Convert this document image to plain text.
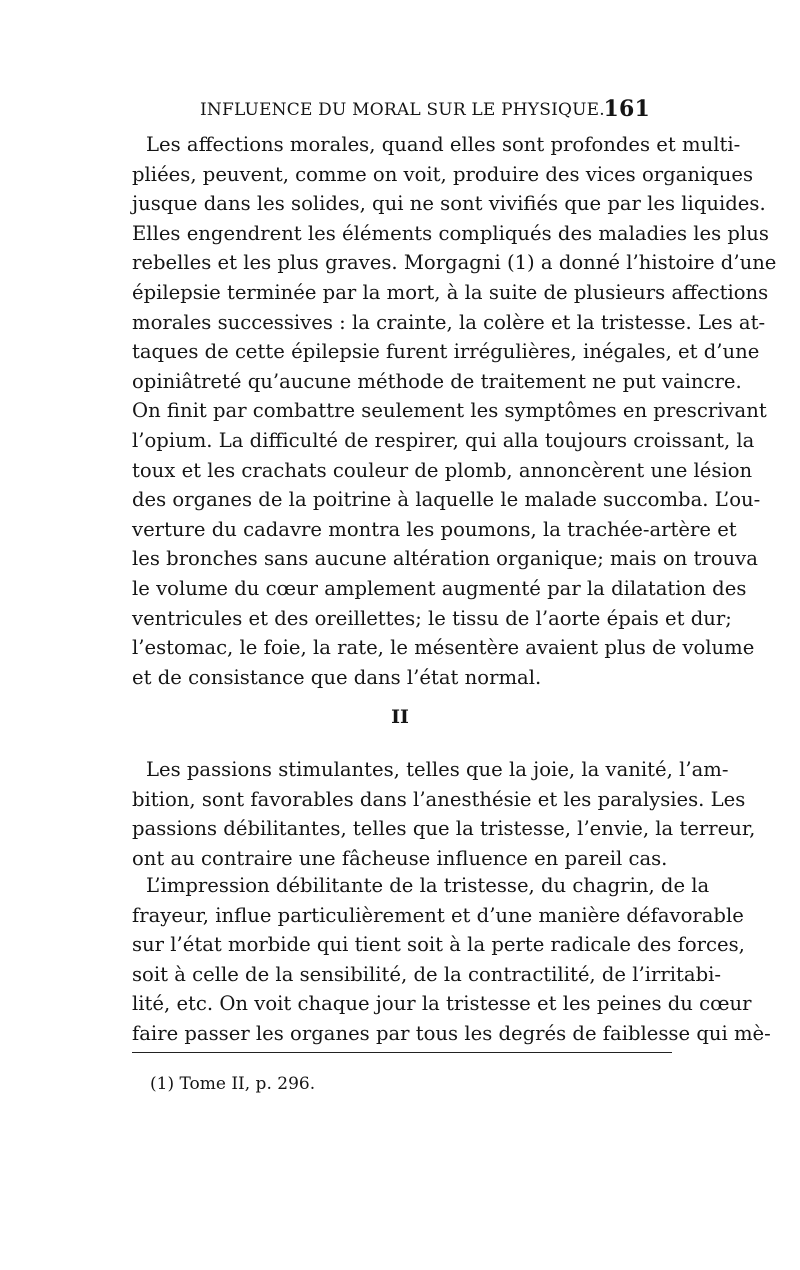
INFLUENCE DU MORAL SUR LE PHYSIQUE.
161
Les affections morales, quand elles sont profondes et multi-
pliées, peuvent, comme on voit, produire des vices organiques
jusque dans les solides, qui ne sont vivifiés que par les liquides.
Elles engendrent les éléments compliqués des maladies les plus
rebelles et les plus graves. Morgagni (1) a donné l’histoire d’une
épilepsie terminée par la mort, à la suite de plusieurs affections
morales successives : la crainte, la colère et la tristesse. Les at-
taques de cette épilepsie furent irrégulières, inégales, et d’une
opiniâtreté qu’aucune méthode de traitement ne put vaincre.
On finit par combattre seulement les symptômes en prescrivant
l’opium. La difficulté de respirer, qui alla toujours croissant, la
toux et les crachats couleur de plomb, annoncèrent une lésion
des organes de la poitrine à laquelle le malade succomba. L’ou-
verture du cadavre montra les poumons, la trachée-artère et
les bronches sans aucune altération organique; mais on trouva
le volume du cœur amplement augmenté par la dilatation des
ventricules et des oreillettes; le tissu de l’aorte épais et dur;
l’estomac, le foie, la rate, le mésentère avaient plus de volume
et de consistance que dans l’état normal.
II
Les passions stimulantes, telles que la joie, la vanité, l’am-
bition, sont favorables dans l’anesthésie et les paralysies. Les
passions débilitantes, telles que la tristesse, l’envie, la terreur,
ont au contraire une fâcheuse influence en pareil cas.
L’impression débilitante de la tristesse, du chagrin, de la
frayeur, influe particulièrement et d’une manière défavorable
sur l’état morbide qui tient soit à la perte radicale des forces,
soit à celle de la sensibilité, de la contractilité, de l’irritabi-
lité, etc. On voit chaque jour la tristesse et les peines du cœur
faire passer les organes par tous les degrés de faiblesse qui mè-
(1) Tome II, p. 296.
